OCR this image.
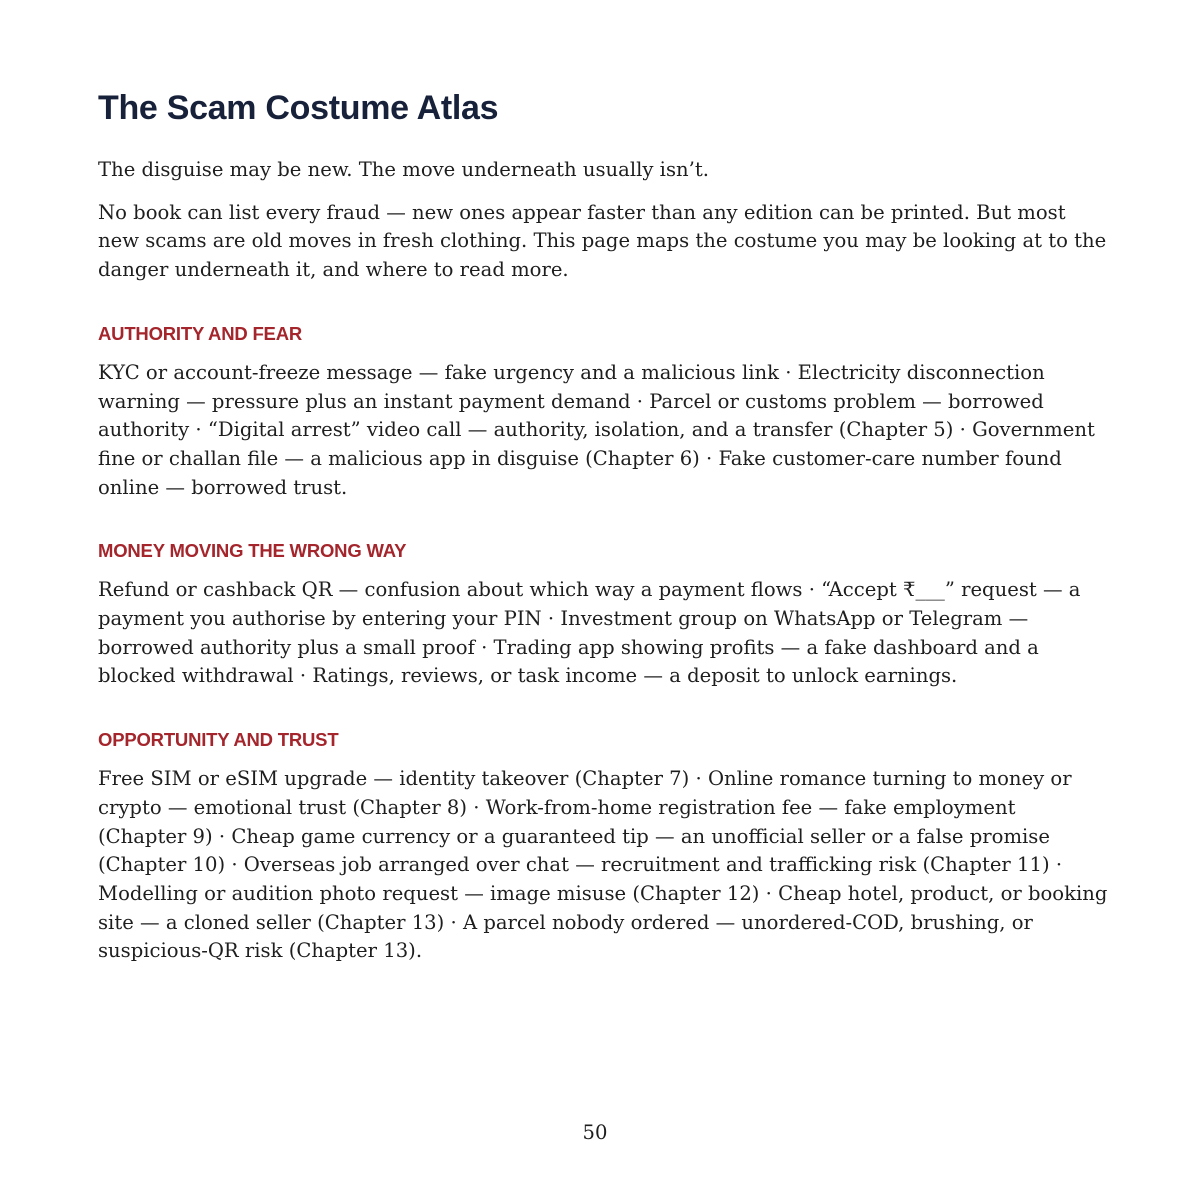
The Scam Costume Atlas

The disguise may be new. The move underneath usually isn’t.

No book can list every fraud — new ones appear faster than any edition can be printed. But most new scams are old moves in fresh clothing. This page maps the costume you may be looking at to the danger underneath it, and where to read more.

AUTHORITY AND FEAR

KYC or account-freeze message — fake urgency and a malicious link · Electricity disconnection warning — pressure plus an instant payment demand · Parcel or customs problem — borrowed authority · “Digital arrest” video call — authority, isolation, and a transfer (Chapter 5) · Government fine or challan file — a malicious app in disguise (Chapter 6) · Fake customer-care number found online — borrowed trust.

MONEY MOVING THE WRONG WAY

Refund or cashback QR — confusion about which way a payment flows · “Accept ₹___” request — a payment you authorise by entering your PIN · Investment group on WhatsApp or Telegram — borrowed authority plus a small proof · Trading app showing profits — a fake dashboard and a blocked withdrawal · Ratings, reviews, or task income — a deposit to unlock earnings.

OPPORTUNITY AND TRUST

Free SIM or eSIM upgrade — identity takeover (Chapter 7) · Online romance turning to money or crypto — emotional trust (Chapter 8) · Work-from-home registration fee — fake employment (Chapter 9) · Cheap game currency or a guaranteed tip — an unofficial seller or a false promise (Chapter 10) · Overseas job arranged over chat — recruitment and trafficking risk (Chapter 11) · Modelling or audition photo request — image misuse (Chapter 12) · Cheap hotel, product, or booking site — a cloned seller (Chapter 13) · A parcel nobody ordered — unordered-COD, brushing, or suspicious-QR risk (Chapter 13).

50
